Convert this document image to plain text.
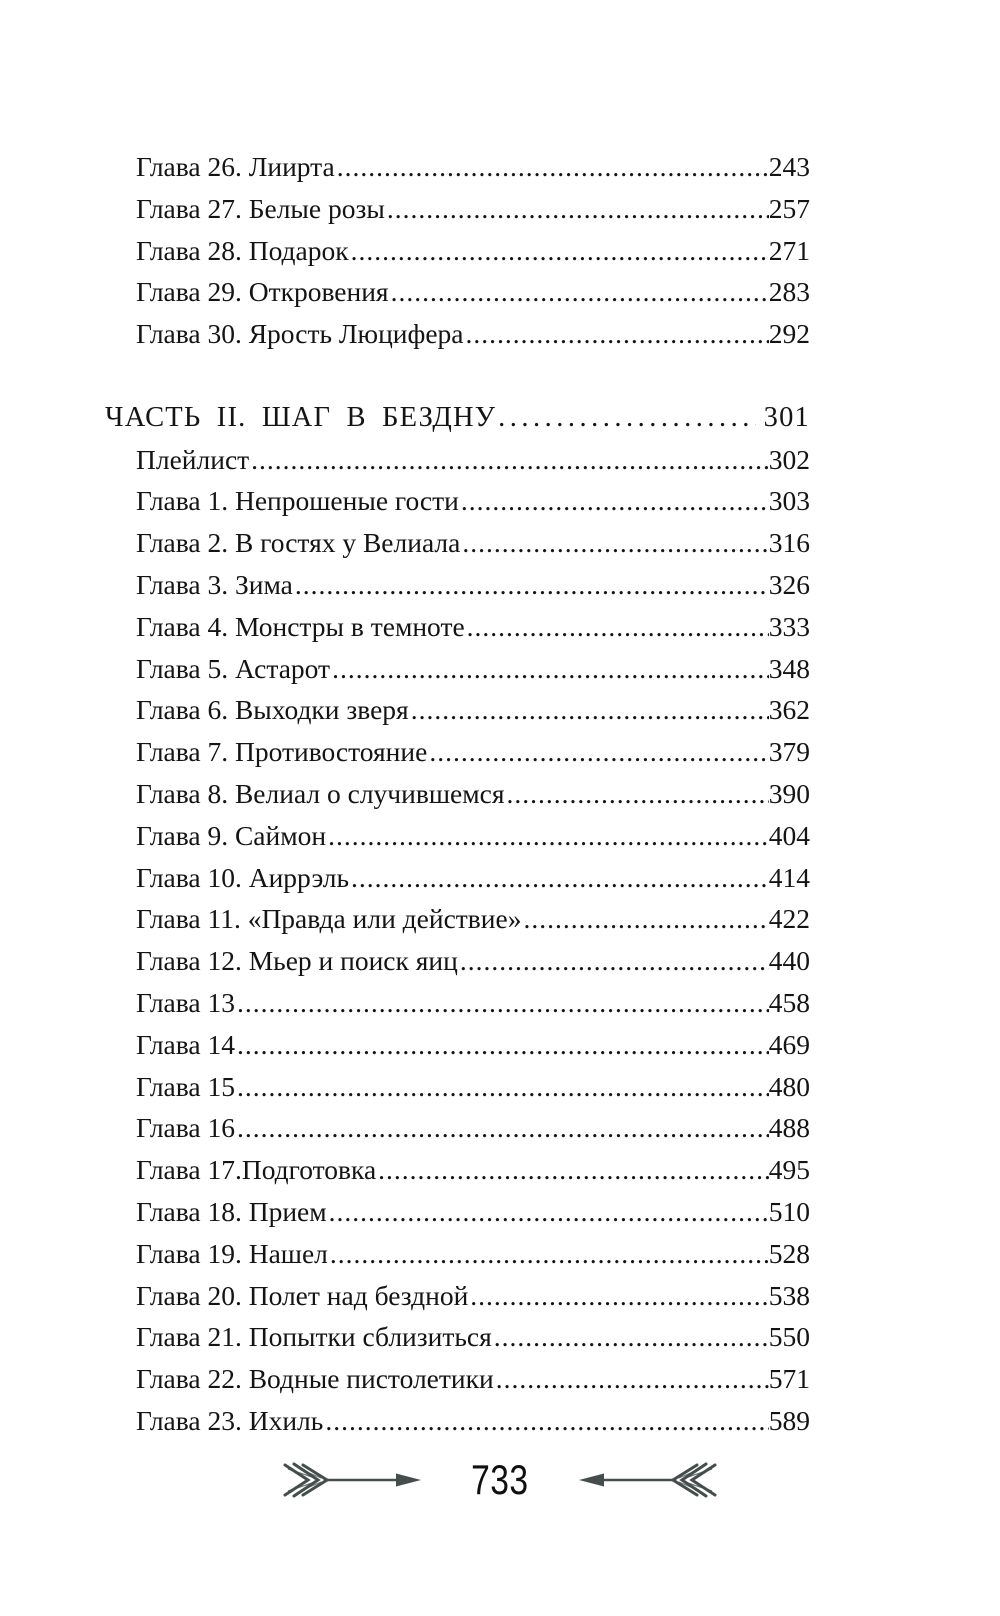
Глава 26. Лиирта .....	243
Глава 27. Белые розы .....	257
Глава 28. Подарок .....	271
Глава 29. Откровения .....	283
Глава 30. Ярость Люцифера .....	292
ЧАСТЬ II. ШАГ В БЕЗДНУ .....	301
Плейлист .....	302
Глава 1. Непрошеные гости .....	303
Глава 2. В гостях у Велиала .....	316
Глава 3. Зима .....	326
Глава 4. Монстры в темноте .....	333
Глава 5. Астарот .....	348
Глава 6. Выходки зверя .....	362
Глава 7. Противостояние .....	379
Глава 8. Велиал о случившемся .....	390
Глава 9. Саймон .....	404
Глава 10. Аиррэль .....	414
Глава 11. «Правда или действие» .....	422
Глава 12. Мьер и поиск яиц .....	440
Глава 13 .....	458
Глава 14 .....	469
Глава 15 .....	480
Глава 16 .....	488
Глава 17.Подготовка .....	495
Глава 18. Прием .....	510
Глава 19. Нашел .....	528
Глава 20. Полет над бездной .....	538
Глава 21. Попытки сблизиться .....	550
Глава 22. Водные пистолетики .....	571
Глава 23. Ихиль .....	589
733
